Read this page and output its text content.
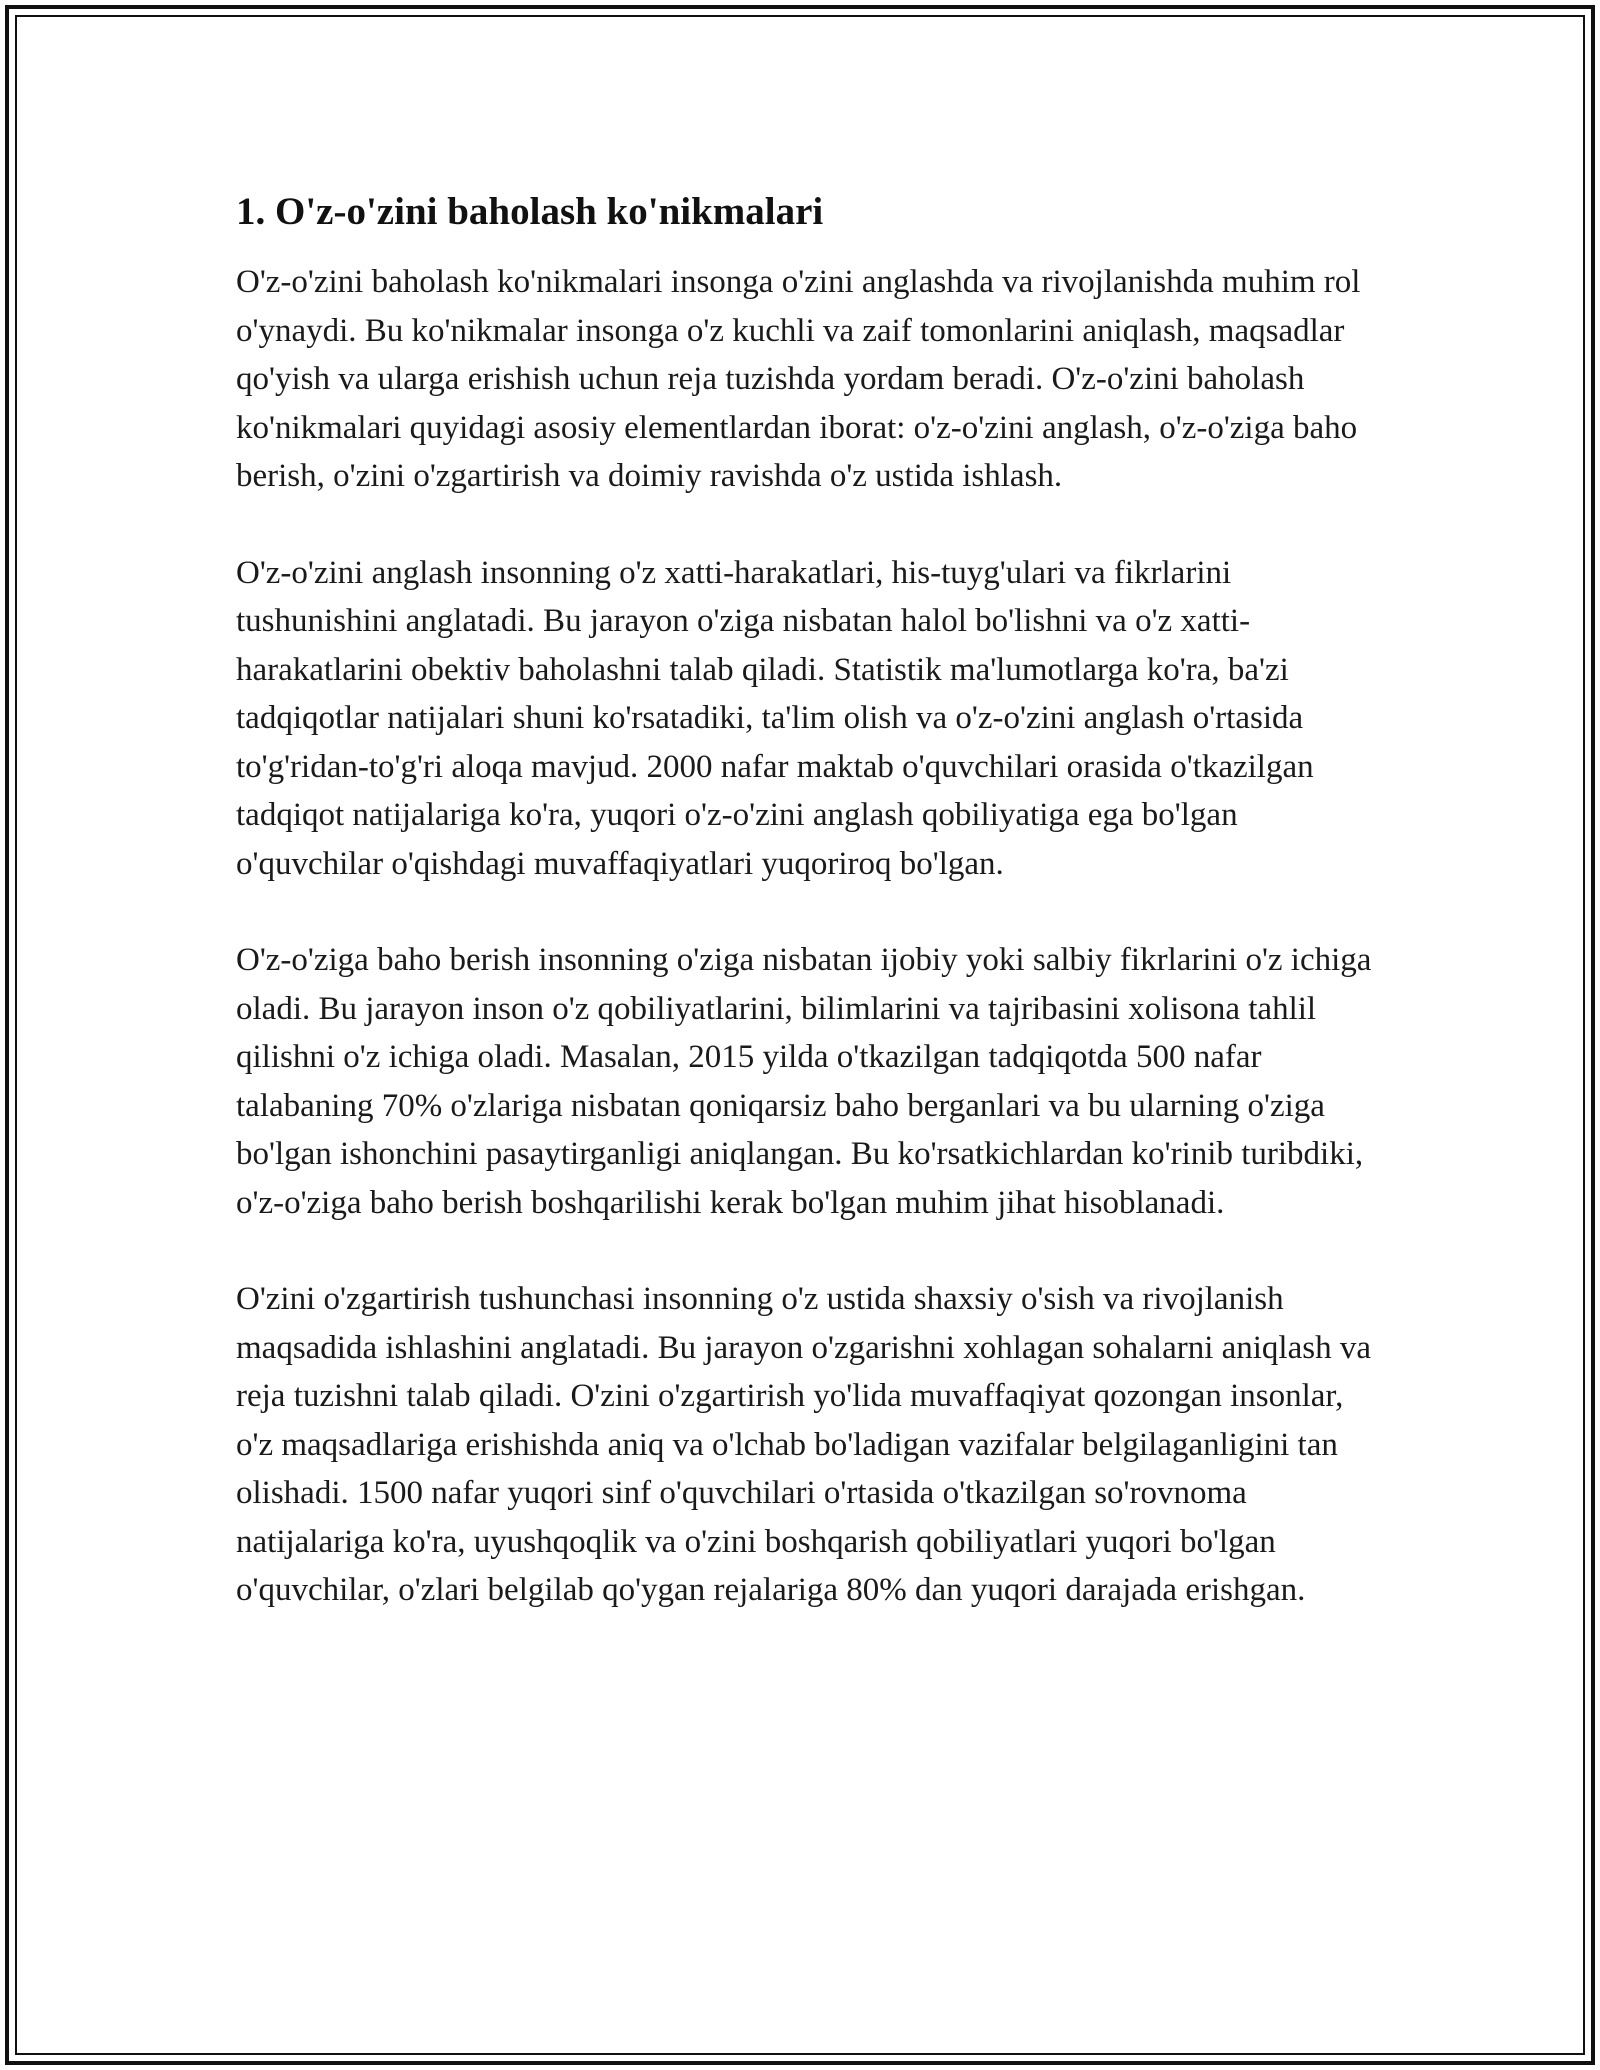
1. O'z-o'zini baholash ko'nikmalari

O'z-o'zini baholash ko'nikmalari insonga o'zini anglashda va rivojlanishda muhim rol o'ynaydi. Bu ko'nikmalar insonga o'z kuchli va zaif tomonlarini aniqlash, maqsadlar qo'yish va ularga erishish uchun reja tuzishda yordam beradi. O'z-o'zini baholash ko'nikmalari quyidagi asosiy elementlardan iborat: o'z-o'zini anglash, o'z-o'ziga baho berish, o'zini o'zgartirish va doimiy ravishda o'z ustida ishlash.

O'z-o'zini anglash insonning o'z xatti-harakatlari, his-tuyg'ulari va fikrlarini tushunishini anglatadi. Bu jarayon o'ziga nisbatan halol bo'lishni va o'z xatti-harakatlarini obektiv baholashni talab qiladi. Statistik ma'lumotlarga ko'ra, ba'zi tadqiqotlar natijalari shuni ko'rsatadiki, ta'lim olish va o'z-o'zini anglash o'rtasida to'g'ridan-to'g'ri aloqa mavjud. 2000 nafar maktab o'quvchilari orasida o'tkazilgan tadqiqot natijalariga ko'ra, yuqori o'z-o'zini anglash qobiliyatiga ega bo'lgan o'quvchilar o'qishdagi muvaffaqiyatlari yuqoriroq bo'lgan.

O'z-o'ziga baho berish insonning o'ziga nisbatan ijobiy yoki salbiy fikrlarini o'z ichiga oladi. Bu jarayon inson o'z qobiliyatlarini, bilimlarini va tajribasini xolisona tahlil qilishni o'z ichiga oladi. Masalan, 2015 yilda o'tkazilgan tadqiqotda 500 nafar talabaning 70% o'zlariga nisbatan qoniqarsiz baho berganlari va bu ularning o'ziga bo'lgan ishonchini pasaytirganligi aniqlangan. Bu ko'rsatkichlardan ko'rinib turibdiki, o'z-o'ziga baho berish boshqarilishi kerak bo'lgan muhim jihat hisoblanadi.

O'zini o'zgartirish tushunchasi insonning o'z ustida shaxsiy o'sish va rivojlanish maqsadida ishlashini anglatadi. Bu jarayon o'zgarishni xohlagan sohalarni aniqlash va reja tuzishni talab qiladi. O'zini o'zgartirish yo'lida muvaffaqiyat qozongan insonlar, o'z maqsadlariga erishishda aniq va o'lchab bo'ladigan vazifalar belgilaganligini tan olishadi. 1500 nafar yuqori sinf o'quvchilari o'rtasida o'tkazilgan so'rovnoma natijalariga ko'ra, uyushqoqlik va o'zini boshqarish qobiliyatlari yuqori bo'lgan o'quvchilar, o'zlari belgilab qo'ygan rejalariga 80% dan yuqori darajada erishgan.
